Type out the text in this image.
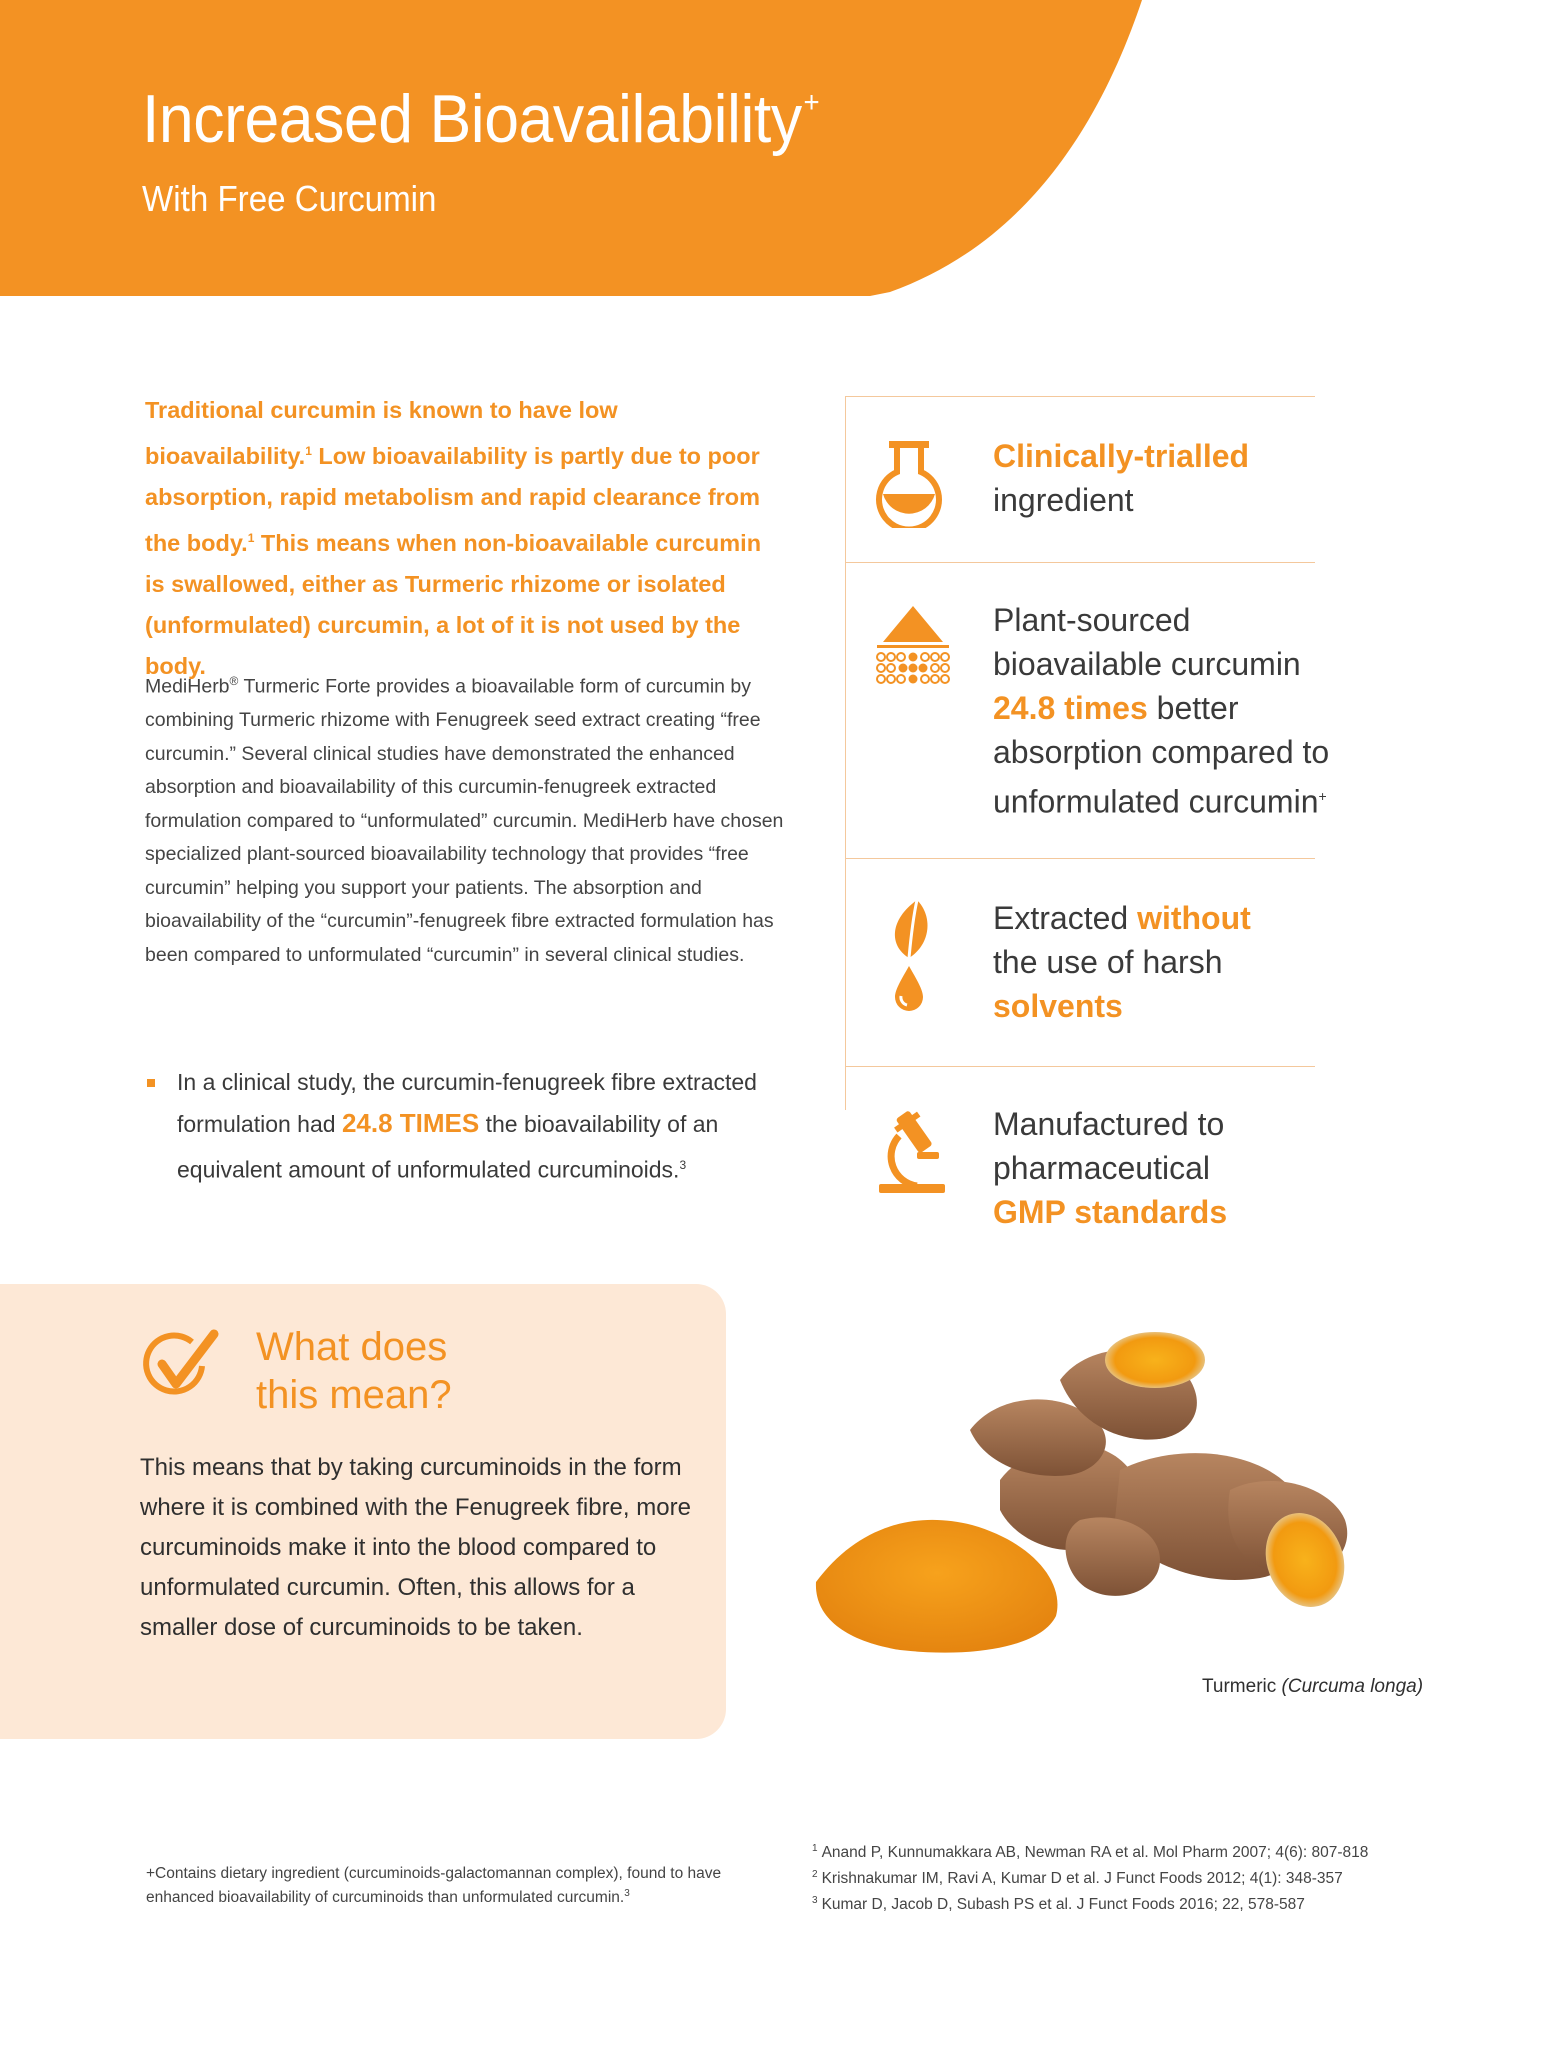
Increased Bioavailability+
With Free Curcumin

Traditional curcumin is known to have low bioavailability.$^1$ Low bioavailability is partly due to poor absorption, rapid metabolism and rapid clearance from the body.$^1$ This means when non-bioavailable curcumin is swallowed, either as Turmeric rhizome or isolated (unformulated) curcumin, a lot of it is not used by the body.

MediHerb® Turmeric Forte provides a bioavailable form of curcumin by combining Turmeric rhizome with Fenugreek seed extract creating “free curcumin.” Several clinical studies have demonstrated the enhanced absorption and bioavailability of this curcumin-fenugreek extracted formulation compared to “unformulated” curcumin. MediHerb have chosen specialized plant-sourced bioavailability technology that provides “free curcumin” helping you support your patients. The absorption and bioavailability of the “curcumin”-fenugreek fibre extracted formulation has been compared to unformulated “curcumin” in several clinical studies.

In a clinical study, the curcumin-fenugreek fibre extracted formulation had 24.8 TIMES the bioavailability of an equivalent amount of unformulated curcuminoids.$^3$

Clinically-trialled
ingredient

Plant-sourced
bioavailable curcumin
24.8 times better
absorption compared to
unformulated curcumin+

Extracted without
the use of harsh
solvents

Manufactured to
pharmaceutical
GMP standards

What does
this mean?

This means that by taking curcuminoids in the form where it is combined with the Fenugreek fibre, more curcuminoids make it into the blood compared to unformulated curcumin. Often, this allows for a smaller dose of curcuminoids to be taken.

Turmeric (Curcuma longa)

+Contains dietary ingredient (curcuminoids-galactomannan complex), found to have enhanced bioavailability of curcuminoids than unformulated curcumin.$^3$

$^1$ Anand P, Kunnumakkara AB, Newman RA et al. Mol Pharm 2007; 4(6): 807-818

$^2$ Krishnakumar IM, Ravi A, Kumar D et al. J Funct Foods 2012; 4(1): 348-357

$^3$ Kumar D, Jacob D, Subash PS et al. J Funct Foods 2016; 22, 578-587
